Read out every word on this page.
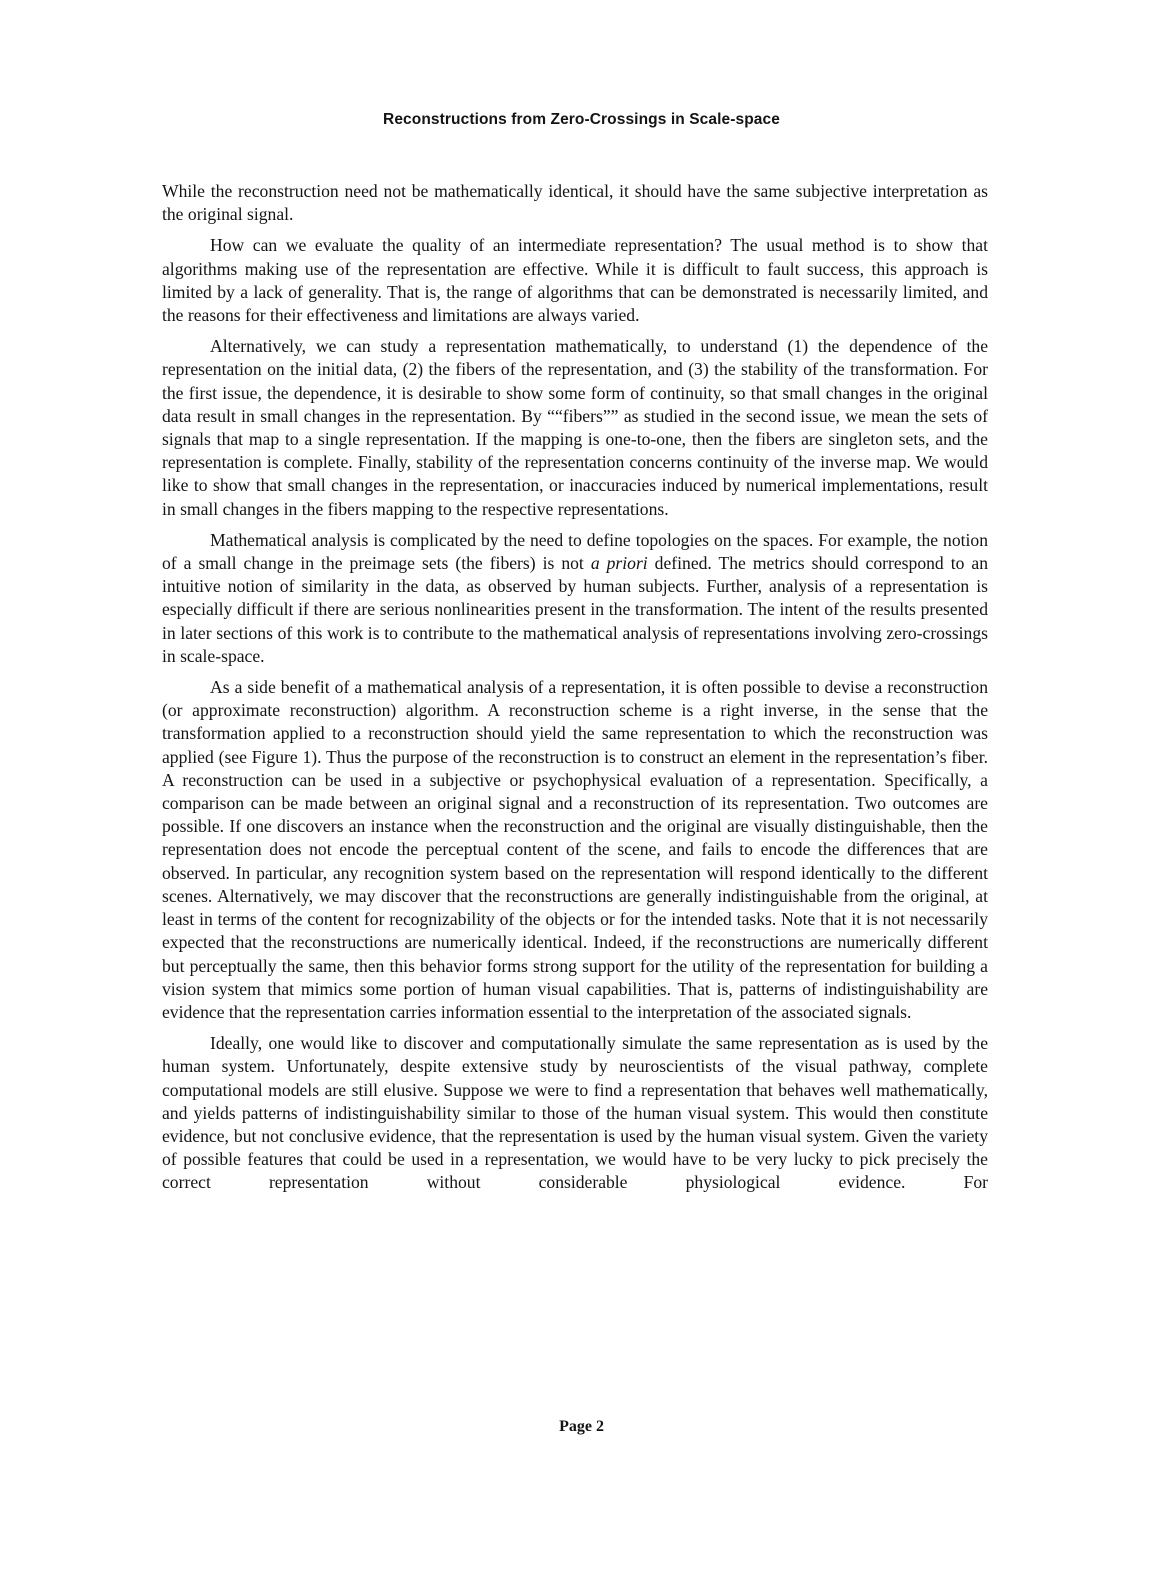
Reconstructions from Zero-Crossings in Scale-space

While the reconstruction need not be mathematically identical, it should have the same subjective interpretation as the original signal.

How can we evaluate the quality of an intermediate representation? The usual method is to show that algorithms making use of the representation are effective. While it is difficult to fault success, this approach is limited by a lack of generality. That is, the range of algorithms that can be demonstrated is necessarily limited, and the reasons for their effectiveness and limitations are always varied.

Alternatively, we can study a representation mathematically, to understand (1) the dependence of the representation on the initial data, (2) the fibers of the representation, and (3) the stability of the transformation. For the first issue, the dependence, it is desirable to show some form of continuity, so that small changes in the original data result in small changes in the representation. By ““fibers”” as studied in the second issue, we mean the sets of signals that map to a single representation. If the mapping is one-to-one, then the fibers are singleton sets, and the representation is complete. Finally, stability of the representation concerns continuity of the inverse map. We would like to show that small changes in the representation, or inaccuracies induced by numerical implementations, result in small changes in the fibers mapping to the respective representations.

Mathematical analysis is complicated by the need to define topologies on the spaces. For example, the notion of a small change in the preimage sets (the fibers) is not a priori defined. The metrics should correspond to an intuitive notion of similarity in the data, as observed by human subjects. Further, analysis of a representation is especially difficult if there are serious nonlinearities present in the transformation. The intent of the results presented in later sections of this work is to contribute to the mathematical analysis of representations involving zero-crossings in scale-space.

As a side benefit of a mathematical analysis of a representation, it is often possible to devise a reconstruction (or approximate reconstruction) algorithm. A reconstruction scheme is a right inverse, in the sense that the transformation applied to a reconstruction should yield the same representation to which the reconstruction was applied (see Figure 1). Thus the purpose of the reconstruction is to construct an element in the representation’s fiber. A reconstruction can be used in a subjective or psychophysical evaluation of a representation. Specifically, a comparison can be made between an original signal and a reconstruction of its representation. Two outcomes are possible. If one discovers an instance when the reconstruction and the original are visually distinguishable, then the representation does not encode the perceptual content of the scene, and fails to encode the differences that are observed. In particular, any recognition system based on the representation will respond identically to the different scenes. Alternatively, we may discover that the reconstructions are generally indistinguishable from the original, at least in terms of the content for recognizability of the objects or for the intended tasks. Note that it is not necessarily expected that the reconstructions are numerically identical. Indeed, if the reconstructions are numerically different but perceptually the same, then this behavior forms strong support for the utility of the representation for building a vision system that mimics some portion of human visual capabilities. That is, patterns of indistinguishability are evidence that the representation carries information essential to the interpretation of the associated signals.

Ideally, one would like to discover and computationally simulate the same representation as is used by the human system. Unfortunately, despite extensive study by neuroscientists of the visual pathway, complete computational models are still elusive. Suppose we were to find a representation that behaves well mathematically, and yields patterns of indistinguishability similar to those of the human visual system. This would then constitute evidence, but not conclusive evidence, that the representation is used by the human visual system. Given the variety of possible features that could be used in a representation, we would have to be very lucky to pick precisely the correct representation without considerable physiological evidence. For

Page 2
